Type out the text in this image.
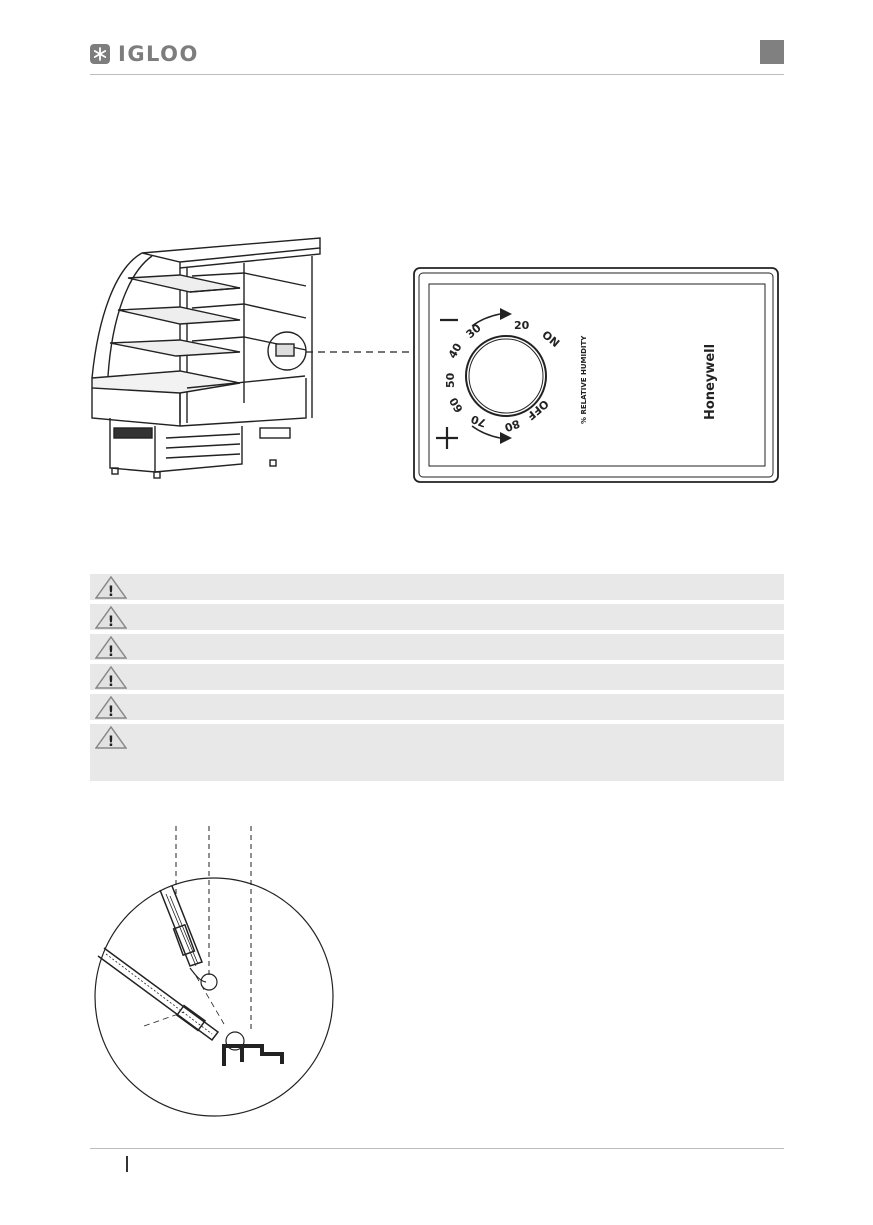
IGLOO
20
30
40
50
60
70 80
ON
OFF	% RELATIVE HUMIDITY	Honeywell
!
!
!
!
!
!
